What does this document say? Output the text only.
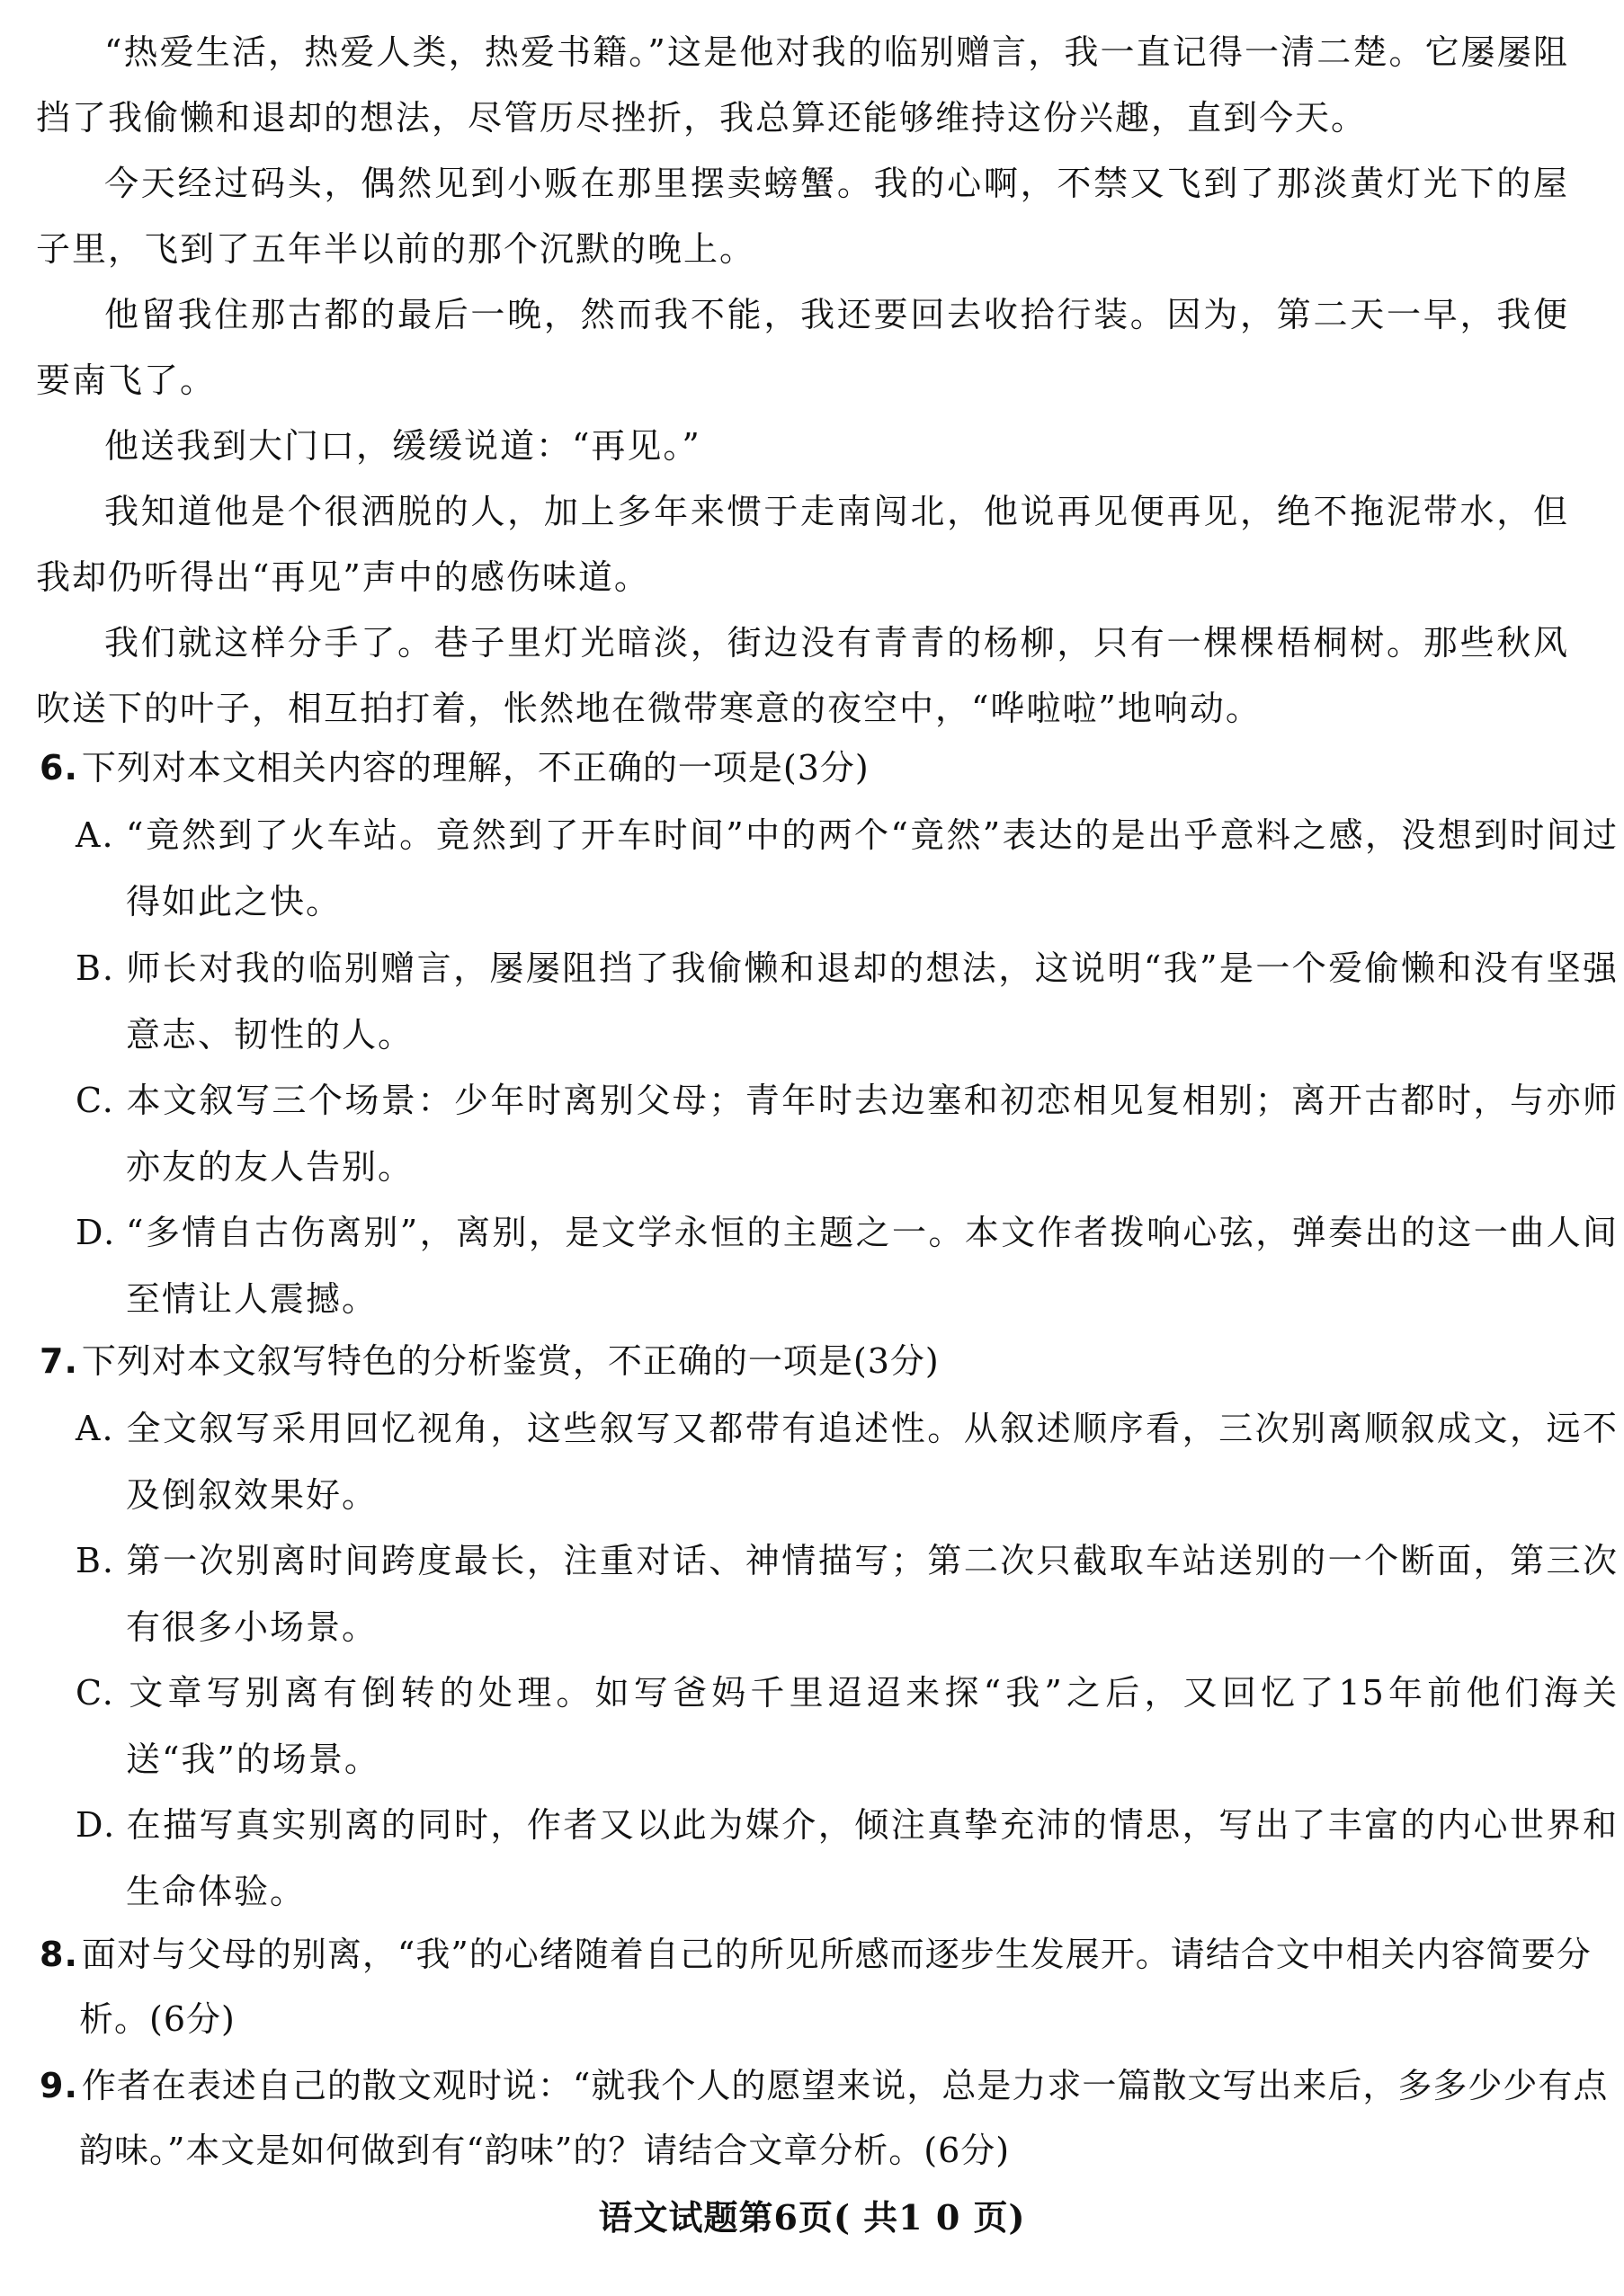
“热爱生活，热爱人类，热爱书籍。”这是他对我的临别赠言，我一直记得一清二楚。它屡屡阻挡了我偷懒和退却的想法，尽管历尽挫折，我总算还能够维持这份兴趣，直到今天。

今天经过码头，偶然见到小贩在那里摆卖螃蟹。我的心啊，不禁又飞到了那淡黄灯光下的屋子里，飞到了五年半以前的那个沉默的晚上。

他留我住那古都的最后一晚，然而我不能，我还要回去收拾行装。因为，第二天一早，我便要南飞了。

他送我到大门口，缓缓说道：“再见。”

我知道他是个很洒脱的人，加上多年来惯于走南闯北，他说再见便再见，绝不拖泥带水，但我却仍听得出“再见”声中的感伤味道。

我们就这样分手了。巷子里灯光暗淡，街边没有青青的杨柳，只有一棵棵梧桐树。那些秋风吹送下的叶子，相互拍打着，怅然地在微带寒意的夜空中，“哗啦啦”地响动。

6. 下列对本文相关内容的理解，不正确的一项是(3分)
A. “竟然到了火车站。竟然到了开车时间”中的两个“竟然”表达的是出乎意料之感，没想到时间过得如此之快。
B. 师长对我的临别赠言，屡屡阻挡了我偷懒和退却的想法，这说明“我”是一个爱偷懒和没有坚强意志、韧性的人。
C. 本文叙写三个场景：少年时离别父母；青年时去边塞和初恋相见复相别；离开古都时，与亦师亦友的友人告别。
D. “多情自古伤离别”，离别，是文学永恒的主题之一。本文作者拨响心弦，弹奏出的这一曲人间至情让人震撼。
7. 下列对本文叙写特色的分析鉴赏，不正确的一项是(3分)
A. 全文叙写采用回忆视角，这些叙写又都带有追述性。从叙述顺序看，三次别离顺叙成文，远不及倒叙效果好。
B. 第一次别离时间跨度最长，注重对话、神情描写；第二次只截取车站送别的一个断面，第三次有很多小场景。
C. 文章写别离有倒转的处理。如写爸妈千里迢迢来探“我”之后，又回忆了15年前他们海关送“我”的场景。
D. 在描写真实别离的同时，作者又以此为媒介，倾注真挚充沛的情思，写出了丰富的内心世界和生命体验。
8. 面对与父母的别离，“我”的心绪随着自己的所见所感而逐步生发展开。请结合文中相关内容简要分析。(6分)
9. 作者在表述自己的散文观时说：“就我个人的愿望来说，总是力求一篇散文写出来后，多多少少有点韵味。”本文是如何做到有“韵味”的？请结合文章分析。(6分)
语文试题第6页( 共1 0 页)
